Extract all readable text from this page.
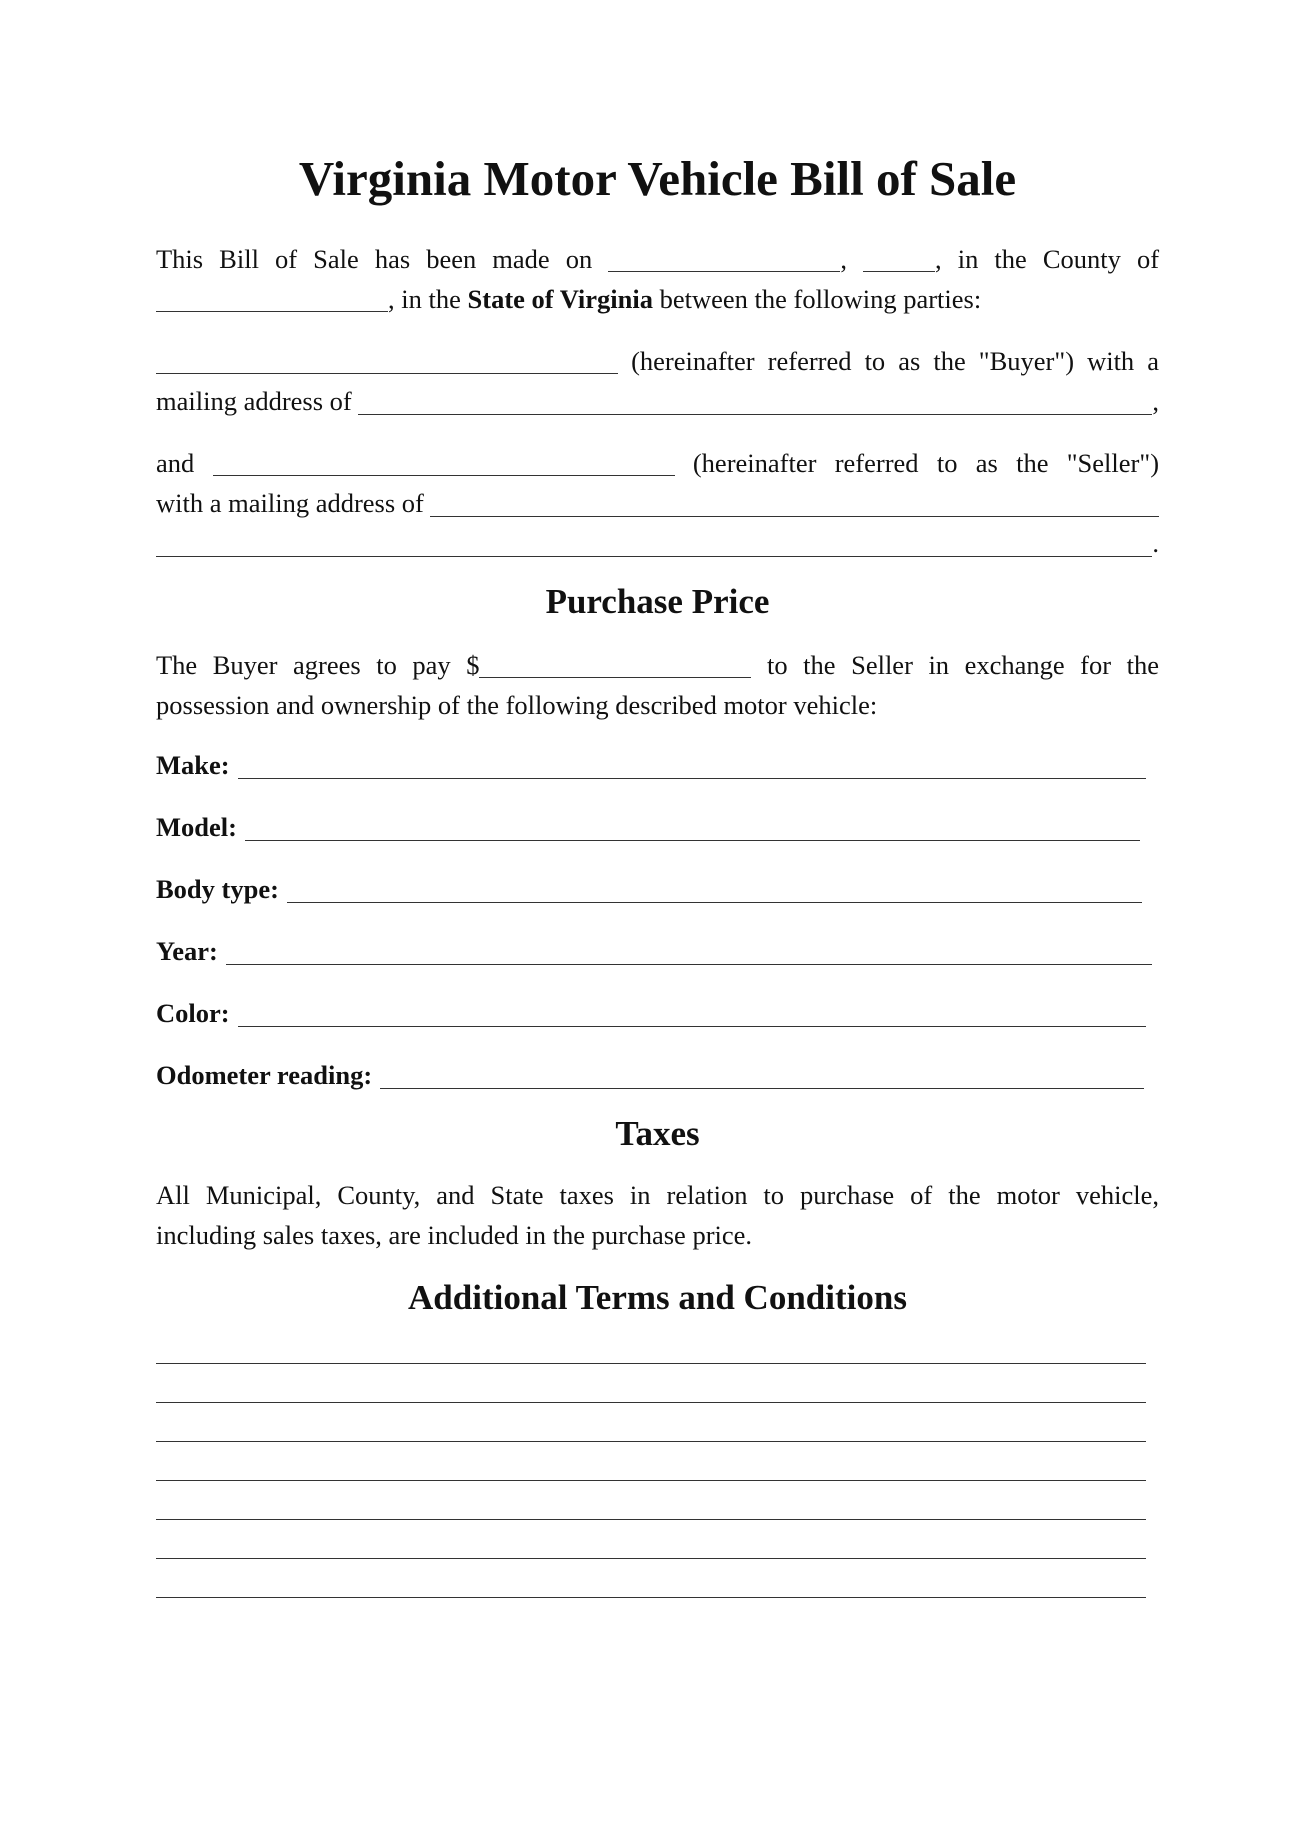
Virginia Motor Vehicle Bill of Sale

This Bill of Sale has been made on	,	, in the County of

, in the State of Virginia between the following parties:

(hereinafter referred to as the "Buyer") with a

mailing address of	,

and	(hereinafter referred to as the "Seller")

with a mailing address of

.

Purchase Price

The Buyer agrees to pay $	to the Seller in exchange for the

possession and ownership of the following described motor vehicle:

Make:
Model:
Body type:
Year:
Color:
Odometer reading:
Taxes

All Municipal, County, and State taxes in relation to purchase of the motor vehicle,

including sales taxes, are included in the purchase price.

Additional Terms and Conditions
